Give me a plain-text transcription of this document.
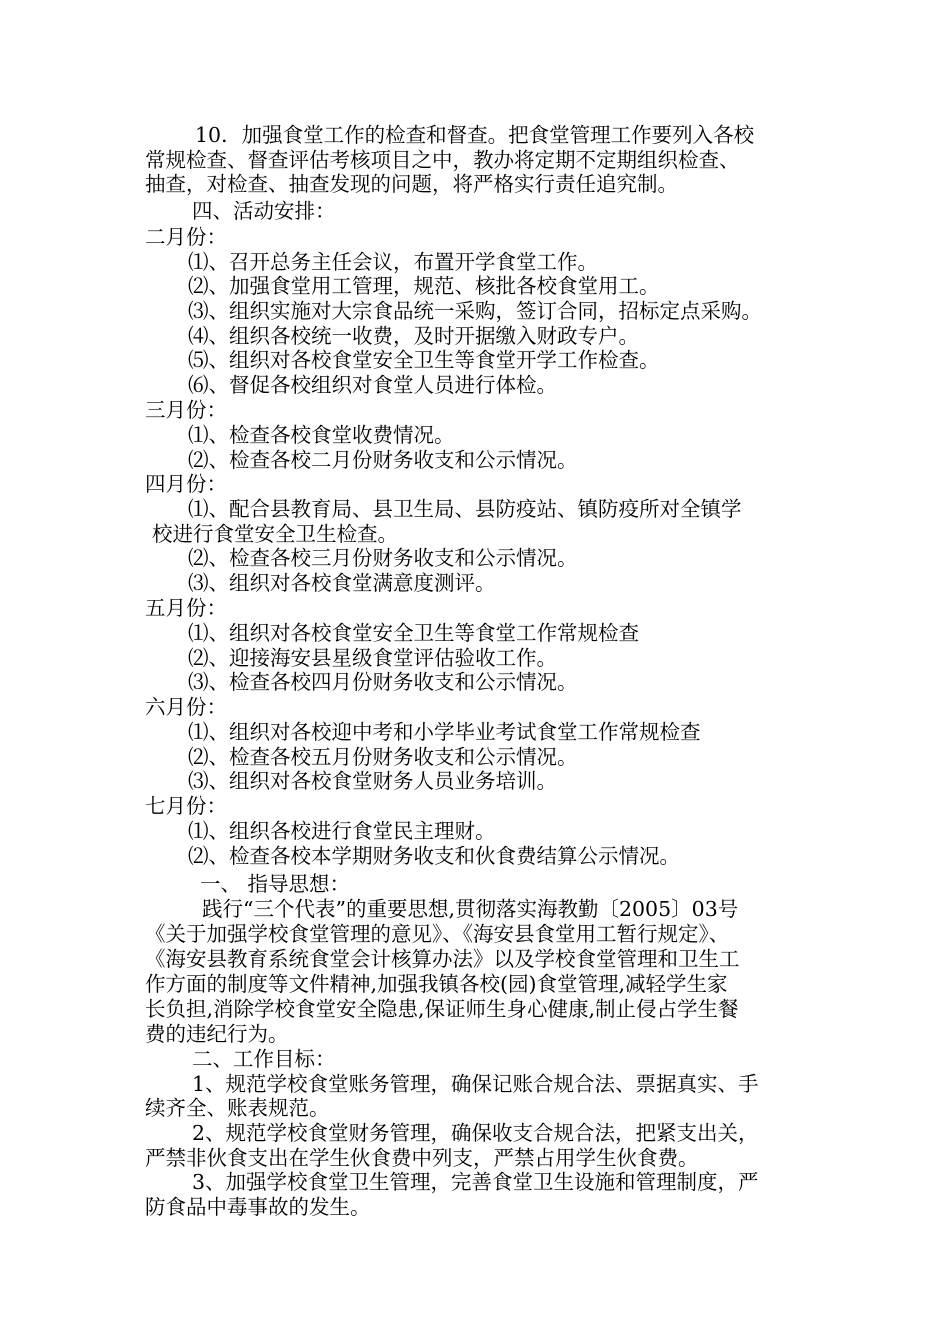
10．加强食堂工作的检查和督查。把食堂管理工作要列入各校
常规检查、督查评估考核项目之中，教办将定期不定期组织检查、
抽查，对检查、抽查发现的问题，将严格实行责任追究制。
四、活动安排：
二月份：
⑴、召开总务主任会议，布置开学食堂工作。
⑵、加强食堂用工管理，规范、核批各校食堂用工。
⑶、组织实施对大宗食品统一采购，签订合同，招标定点采购。
⑷、组织各校统一收费，及时开据缴入财政专户。
⑸、组织对各校食堂安全卫生等食堂开学工作检查。
⑹、督促各校组织对食堂人员进行体检。
三月份：
⑴、检查各校食堂收费情况。
⑵、检查各校二月份财务收支和公示情况。
四月份：
⑴、配合县教育局、县卫生局、县防疫站、镇防疫所对全镇学
校进行食堂安全卫生检查。
⑵、检查各校三月份财务收支和公示情况。
⑶、组织对各校食堂满意度测评。
五月份：
⑴、组织对各校食堂安全卫生等食堂工作常规检查
⑵、迎接海安县星级食堂评估验收工作。
⑶、检查各校四月份财务收支和公示情况。
六月份：
⑴、组织对各校迎中考和小学毕业考试食堂工作常规检查
⑵、检查各校五月份财务收支和公示情况。
⑶、组织对各校食堂财务人员业务培训。
七月份：
⑴、组织各校进行食堂民主理财。
⑵、检查各校本学期财务收支和伙食费结算公示情况。
一、 指导思想：
践行“三个代表”的重要思想,贯彻落实海教勤〔2005〕03号
《关于加强学校食堂管理的意见》、《海安县食堂用工暂行规定》、
《海安县教育系统食堂会计核算办法》以及学校食堂管理和卫生工
作方面的制度等文件精神,加强我镇各校(园)食堂管理,减轻学生家
长负担,消除学校食堂安全隐患,保证师生身心健康,制止侵占学生餐
费的违纪行为。
二、工作目标：
1、规范学校食堂账务管理，确保记账合规合法、票据真实、手
续齐全、账表规范。
2、规范学校食堂财务管理，确保收支合规合法，把紧支出关，
严禁非伙食支出在学生伙食费中列支，严禁占用学生伙食费。
3、加强学校食堂卫生管理，完善食堂卫生设施和管理制度，严
防食品中毒事故的发生。
